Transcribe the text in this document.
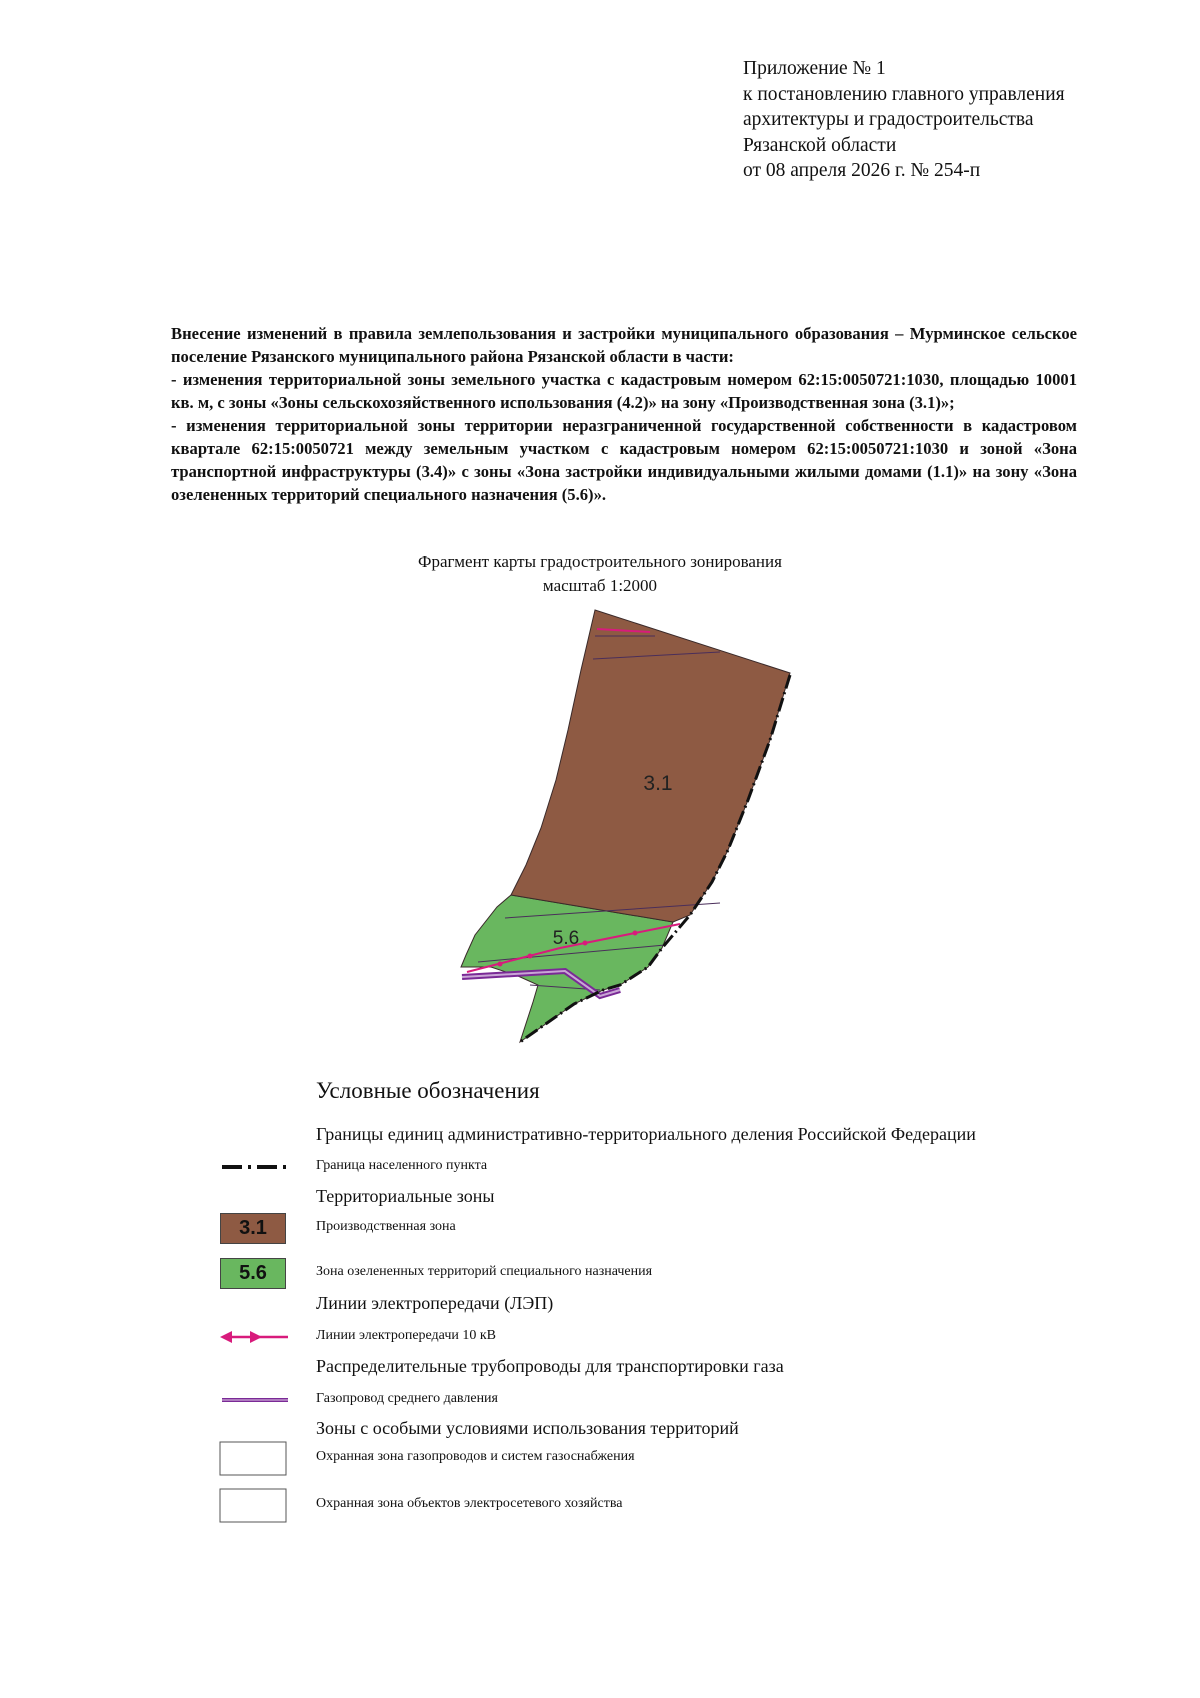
Приложение № 1
к постановлению главного управления
архитектуры и градостроительства
Рязанской области
от 08 апреля 2026 г. № 254-п

Внесение изменений в правила землепользования и застройки муниципального образования – Мурминское сельское поселение Рязанского муниципального района Рязанской области в части:

- изменения территориальной зоны земельного участка с кадастровым номером 62:15:0050721:1030, площадью 10001 кв. м, с зоны «Зоны сельскохозяйственного использования (4.2)» на зону «Производственная зона (3.1)»;

- изменения территориальной зоны территории неразграниченной государственной собственности в кадастровом квартале 62:15:0050721 между земельным участком с кадастровым номером 62:15:0050721:1030 и зоной «Зона транспортной инфраструктуры (3.4)» с зоны «Зона застройки индивидуальными жилыми домами (1.1)» на зону «Зона озелененных территорий специального назначения (5.6)».

Фрагмент карты градостроительного зонирования
масштаб 1:2000
3.1
5.6
Условные обозначения
Границы единиц административно-территориального деления Российской Федерации
Граница населенного пункта
Территориальные зоны
3.1	Производственная зона
5.6	Зона озелененных территорий специального назначения
Линии электропередачи (ЛЭП)
Линии электропередачи 10 кВ
Распределительные трубопроводы для транспортировки газа
Газопровод среднего давления
Зоны с особыми условиями использования территорий
Охранная зона газопроводов и систем газоснабжения
Охранная зона объектов электросетевого хозяйства
